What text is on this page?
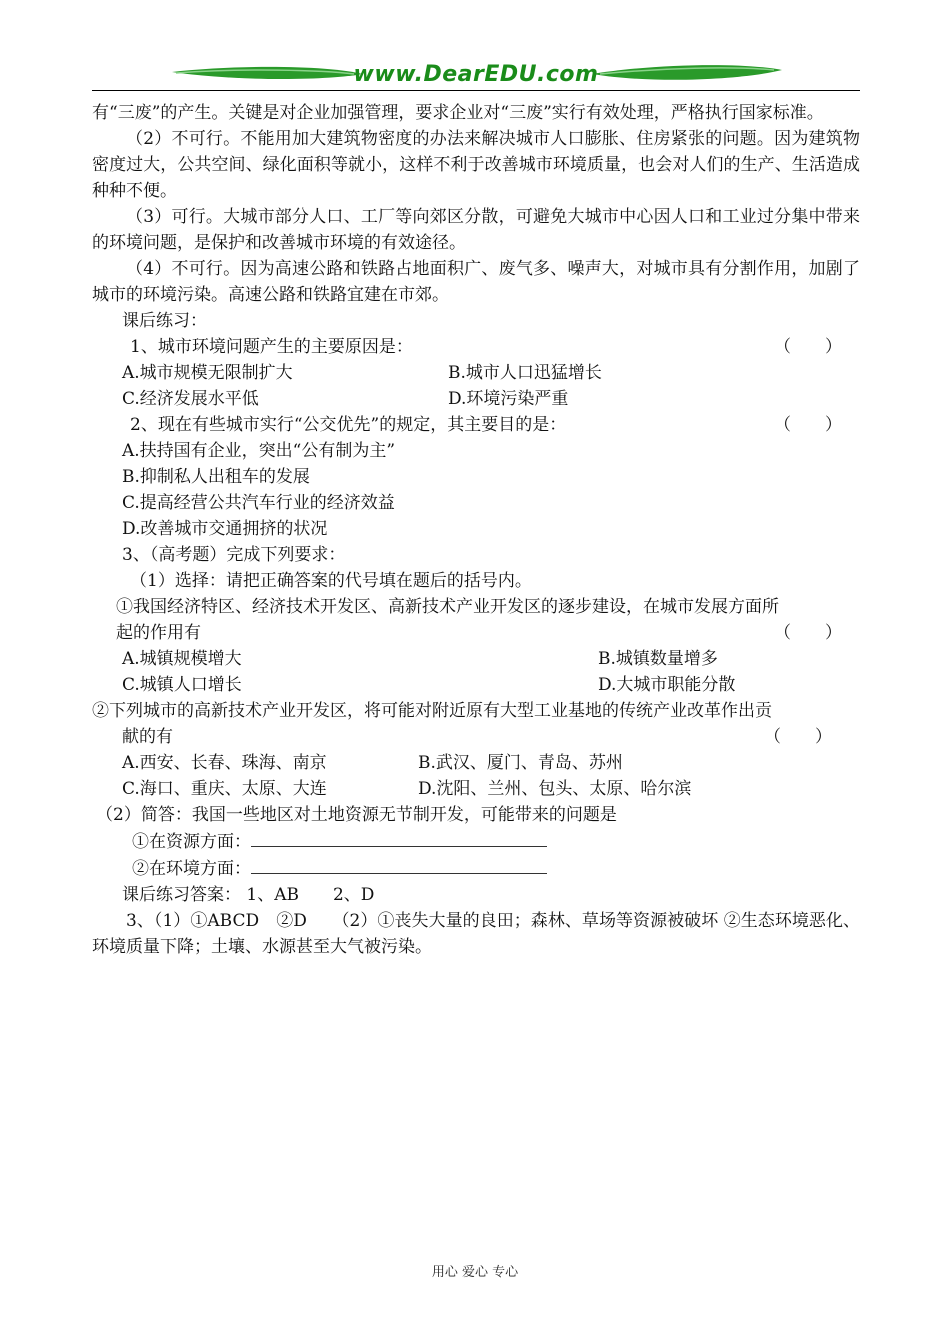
www.DearEDU.com

有“三废”的产生。关键是对企业加强管理，要求企业对“三废”实行有效处理，严格执行国家标准。

（2）不可行。不能用加大建筑物密度的办法来解决城市人口膨胀、住房紧张的问题。因为建筑物密度过大，公共空间、绿化面积等就小，这样不利于改善城市环境质量，也会对人们的生产、生活造成种种不便。

（3）可行。大城市部分人口、工厂等向郊区分散，可避免大城市中心因人口和工业过分集中带来的环境问题，是保护和改善城市环境的有效途径。

（4）不可行。因为高速公路和铁路占地面积广、废气多、噪声大，对城市具有分割作用，加剧了城市的环境污染。高速公路和铁路宜建在市郊。

课后练习：

1、城市环境问题产生的主要原因是：	（　　）
A.城市规模无限制扩大	B.城市人口迅猛增长
C.经济发展水平低	D.环境污染严重
2、现在有些城市实行“公交优先”的规定，其主要目的是：	（　　）

A.扶持国有企业，突出“公有制为主”

B.抑制私人出租车的发展

C.提高经营公共汽车行业的经济效益

D.改善城市交通拥挤的状况

3、（高考题）完成下列要求：

（1）选择：请把正确答案的代号填在题后的括号内。

①我国经济特区、经济技术开发区、高新技术产业开发区的逐步建设，在城市发展方面所

起的作用有	（　　）
A.城镇规模增大	B.城镇数量增多
C.城镇人口增长	D.大城市职能分散

②下列城市的高新技术产业开发区，将可能对附近原有大型工业基地的传统产业改革作出贡

献的有	（　　）
A.西安、长春、珠海、南京	B.武汉、厦门、青岛、苏州
C.海口、重庆、太原、大连	D.沈阳、兰州、包头、太原、哈尔滨

（2）简答：我国一些地区对土地资源无节制开发，可能带来的问题是

①在资源方面：

②在环境方面：

课后练习答案： 1、AB　　2、D

3、（1）①ABCD　②D　　（2）①丧失大量的良田；森林、草场等资源被破坏 ②生态环境恶化、环境质量下降；土壤、水源甚至大气被污染。

用心 爱心 专心
